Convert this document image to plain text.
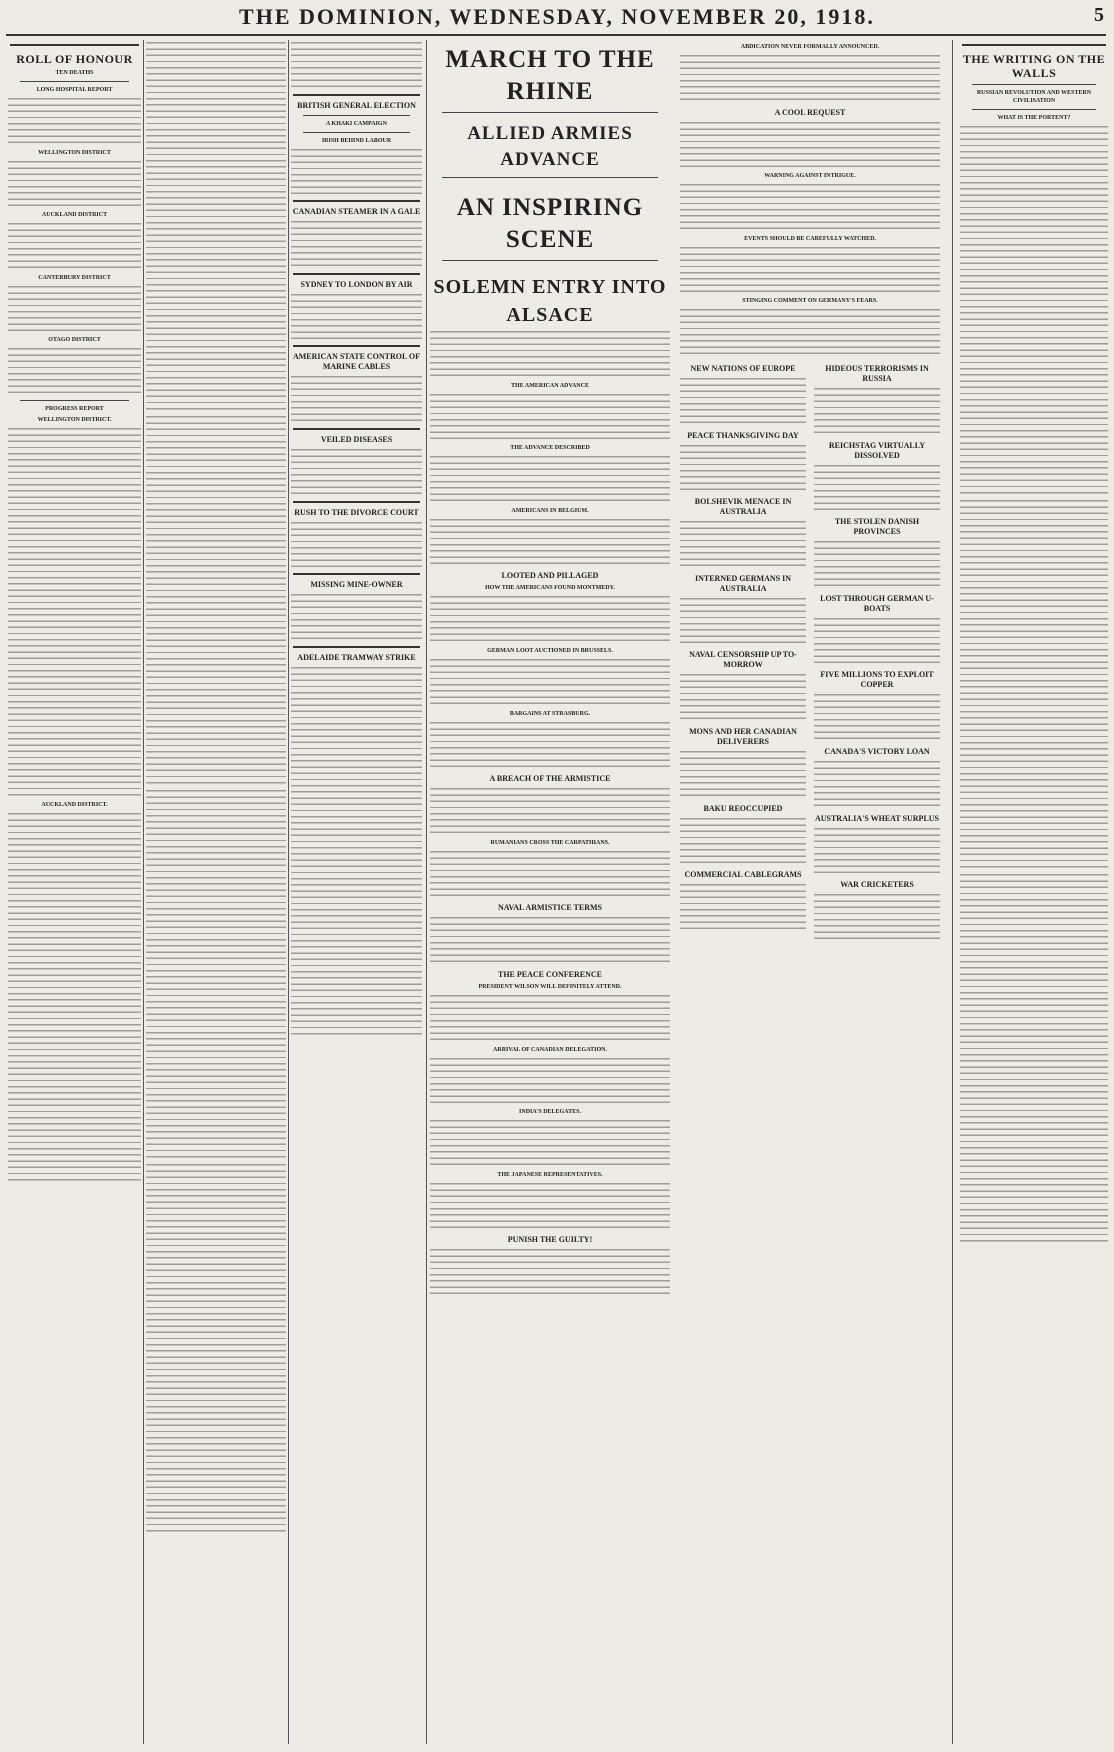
THE DOMINION, WEDNESDAY, NOVEMBER 20, 1918.	5
ROLL OF HONOUR
TEN DEATHS
LONG HOSPITAL REPORT

WELLINGTON DISTRICT

AUCKLAND DISTRICT

CANTERBURY DISTRICT

OTAGO DISTRICT

PROGRESS REPORT
WELLINGTON DISTRICT.

AUCKLAND DISTRICT.

BRITISH GENERAL ELECTION
A KHAKI CAMPAIGN
IRISH BEHIND LABOUR

CANADIAN STEAMER IN A GALE

SYDNEY TO LONDON BY AIR

AMERICAN STATE CONTROL OF MARINE CABLES

VEILED DISEASES

RUSH TO THE DIVORCE COURT

MISSING MINE-OWNER

ADELAIDE TRAMWAY STRIKE

MARCH TO THE RHINE
ALLIED ARMIES ADVANCE
AN INSPIRING SCENE
SOLEMN ENTRY INTO ALSACE

THE AMERICAN ADVANCE

THE ADVANCE DESCRIBED

AMERICANS IN BELGIUM.

LOOTED AND PILLAGED
HOW THE AMERICANS FOUND MONTMEDY.

GERMAN LOOT AUCTIONED IN BRUSSELS.

BARGAINS AT STRASBURG.

A BREACH OF THE ARMISTICE

RUMANIANS CROSS THE CARPATHIANS.

NAVAL ARMISTICE TERMS

THE PEACE CONFERENCE
PRESIDENT WILSON WILL DEFINITELY ATTEND.

ARRIVAL OF CANADIAN DELEGATION.

INDIA'S DELEGATES.

THE JAPANESE REPRESENTATIVES.

PUNISH THE GUILTY!

ABDICATION NEVER FORMALLY ANNOUNCED.

A COOL REQUEST

WARNING AGAINST INTRIGUE.

EVENTS SHOULD BE CAREFULLY WATCHED.

STINGING COMMENT ON GERMANY'S FEARS.

NEW NATIONS OF EUROPE

PEACE THANKSGIVING DAY

BOLSHEVIK MENACE IN AUSTRALIA

INTERNED GERMANS IN AUSTRALIA

NAVAL CENSORSHIP UP TO-MORROW

MONS AND HER CANADIAN DELIVERERS

BAKU REOCCUPIED

COMMERCIAL CABLEGRAMS

HIDEOUS TERRORISMS IN RUSSIA

REICHSTAG VIRTUALLY DISSOLVED

THE STOLEN DANISH PROVINCES

LOST THROUGH GERMAN U-BOATS

FIVE MILLIONS TO EXPLOIT COPPER

CANADA'S VICTORY LOAN

AUSTRALIA'S WHEAT SURPLUS

WAR CRICKETERS

THE WRITING ON THE WALLS
RUSSIAN REVOLUTION AND WESTERN CIVILISATION
WHAT IS THE PORTENT?
